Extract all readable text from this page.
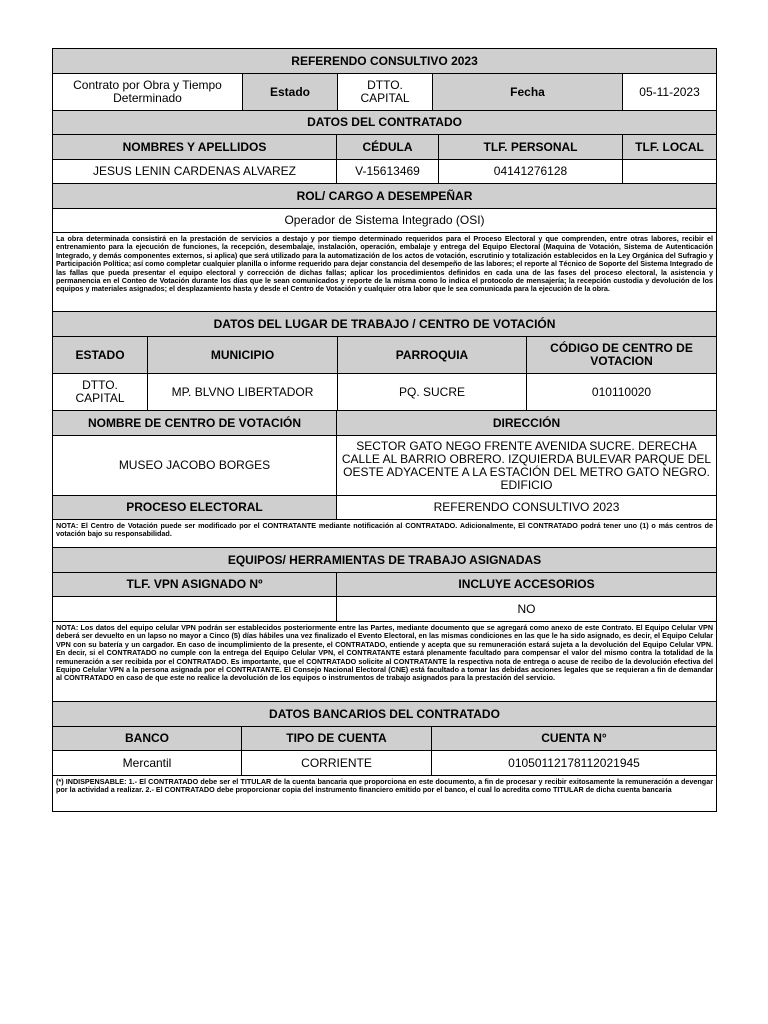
REFERENDO CONSULTIVO 2023
Contrato por Obra y Tiempo Determinado	Estado	DTTO. CAPITAL	Fecha	05-11-2023
DATOS DEL CONTRATADO
NOMBRES Y APELLIDOS	CÉDULA	TLF. PERSONAL	TLF. LOCAL
JESUS LENIN CARDENAS ALVAREZ	V-15613469	04141276128	
ROL/ CARGO A DESEMPEÑAR			
Operador de Sistema Integrado (OSI)			
La obra determinada consistirá en la prestación de servicios a destajo y por tiempo determinado requeridos para el Proceso Electoral y que comprenden, entre otras labores, recibir el entrenamiento para la ejecución de funciones, la recepción, desembalaje, instalación, operación, embalaje y entrega del Equipo Electoral (Maquina de Votación, Sistema de Autenticación Integrado, y demás componentes externos, si aplica) que será utilizado para la automatización de los actos de votación, escrutinio y totalización establecidos en la Ley Orgánica del Sufragio y Participación Política; así como completar cualquier planilla o informe requerido para dejar constancia del desempeño de las labores; el reporte al Técnico de Soporte del Sistema Integrado de las fallas que pueda presentar el equipo electoral y corrección de dichas fallas; aplicar los procedimientos definidos en cada una de las fases del proceso electoral, la asistencia y permanencia en el Conteo de Votación durante los días que le sean comunicados y reporte de la misma como lo indica el protocolo de mensajería; la recepción custodia y devolución de los equipos y materiales asignados; el desplazamiento hasta y desde el Centro de Votación y cualquier otra labor que le sea comunicada para la ejecución de la obra.			
DATOS DEL LUGAR DE TRABAJO / CENTRO DE VOTACIÓN			
ESTADO	MUNICIPIO	PARROQUIA	CÓDIGO DE CENTRO DE VOTACION
DTTO. CAPITAL	MP. BLVNO LIBERTADOR	PQ. SUCRE	010110020
NOMBRE DE CENTRO DE VOTACIÓN	DIRECCIÓN
MUSEO JACOBO BORGES	SECTOR GATO NEGO FRENTE AVENIDA SUCRE. DERECHA CALLE AL BARRIO OBRERO. IZQUIERDA BULEVAR PARQUE DEL OESTE ADYACENTE A LA ESTACIÓN DEL METRO GATO NEGRO. EDIFICIO
PROCESO ELECTORAL	REFERENDO CONSULTIVO 2023
NOTA: El Centro de Votación puede ser modificado por el CONTRATANTE mediante notificación al CONTRATADO. Adicionalmente, El CONTRATADO podrá tener uno (1) o más centros de votación bajo su responsabilidad.	
EQUIPOS/ HERRAMIENTAS DE TRABAJO ASIGNADAS	
TLF. VPN ASIGNADO Nº	INCLUYE ACCESORIOS
	NO
NOTA: Los datos del equipo celular VPN podrán ser establecidos posteriormente entre las Partes, mediante documento que se agregará como anexo de este Contrato. El Equipo Celular VPN deberá ser devuelto en un lapso no mayor a Cinco (5) días hábiles una vez finalizado el Evento Electoral, en las mismas condiciones en las que le ha sido asignado, es decir, el Equipo Celular VPN con su batería y un cargador. En caso de incumplimiento de la presente, el CONTRATADO, entiende y acepta que su remuneración estará sujeta a la devolución del Equipo Celular VPN. En decir, si el CONTRATADO no cumple con la entrega del Equipo Celular VPN, el CONTRATANTE estará plenamente facultado para compensar el valor del mismo contra la totalidad de la remuneración a ser recibida por el CONTRATADO. Es importante, que el CONTRATADO solicite al CONTRATANTE la respectiva nota de entrega o acuse de recibo de la devolución efectiva del Equipo Celular VPN a la persona asignada por el CONTRATANTE. El Consejo Nacional Electoral (CNE) está facultado a tomar las debidas acciones legales que se requieran a fin de demandar al CONTRATADO en caso de que este no realice la devolución de los equipos o instrumentos de trabajo asignados para la prestación del servicio.	
DATOS BANCARIOS DEL CONTRATADO		
BANCO	TIPO DE CUENTA	CUENTA N°
Mercantil	CORRIENTE	01050112178112021945
(*) INDISPENSABLE: 1.- El CONTRATADO debe ser el TITULAR de la cuenta bancaria que proporciona en este documento, a fin de procesar y recibir exitosamente la remuneración a devengar por la actividad a realizar. 2.- El CONTRATADO debe proporcionar copia del instrumento financiero emitido por el banco, el cual lo acredita como TITULAR de dicha cuenta bancaria		
